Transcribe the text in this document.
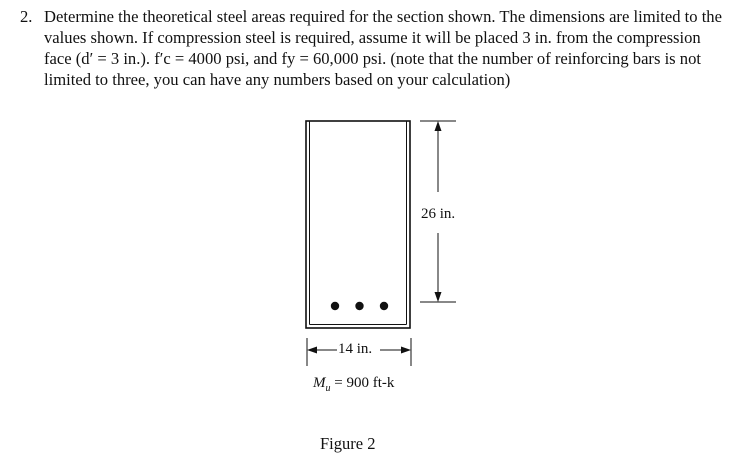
2. Determine the theoretical steel areas required for the section shown. The dimensions are limited to the values shown. If compression steel is required, assume it will be placed 3 in. from the compression face (d′ = 3 in.). f′c = 4000 psi, and fy = 60,000 psi. (note that the number of reinforcing bars is not limited to three, you can have any numbers based on your calculation)
26 in.
14 in.
$M_u = 900$ ft-k
Figure 2
